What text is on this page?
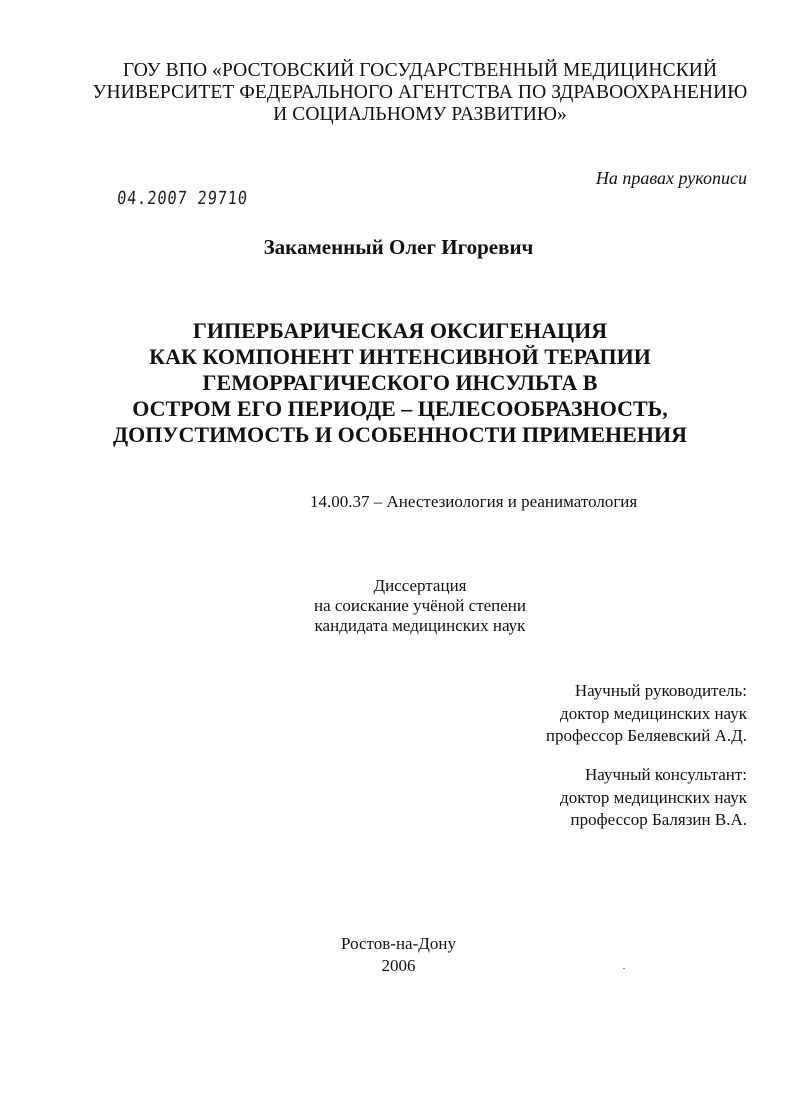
ГОУ ВПО «РОСТОВСКИЙ ГОСУДАРСТВЕННЫЙ МЕДИЦИНСКИЙ
УНИВЕРСИТЕТ ФЕДЕРАЛЬНОГО АГЕНТСТВА ПО ЗДРАВООХРАНЕНИЮ
И СОЦИАЛЬНОМУ РАЗВИТИЮ»
На правах рукописи
04.2007 29710
Закаменный Олег Игоревич
ГИПЕРБАРИЧЕСКАЯ ОКСИГЕНАЦИЯ
КАК КОМПОНЕНТ ИНТЕНСИВНОЙ ТЕРАПИИ
ГЕМОРРАГИЧЕСКОГО ИНСУЛЬТА В
ОСТРОМ ЕГО ПЕРИОДЕ – ЦЕЛЕСООБРАЗНОСТЬ,
ДОПУСТИМОСТЬ И ОСОБЕННОСТИ ПРИМЕНЕНИЯ
14.00.37 – Анестезиология и реаниматология
Диссертация
на соискание учёной степени
кандидата медицинских наук
Научный руководитель:
доктор медицинских наук
профессор Беляевский А.Д.
Научный консультант:
доктор медицинских наук
профессор Балязин В.А.
Ростов-на-Дону
2006
